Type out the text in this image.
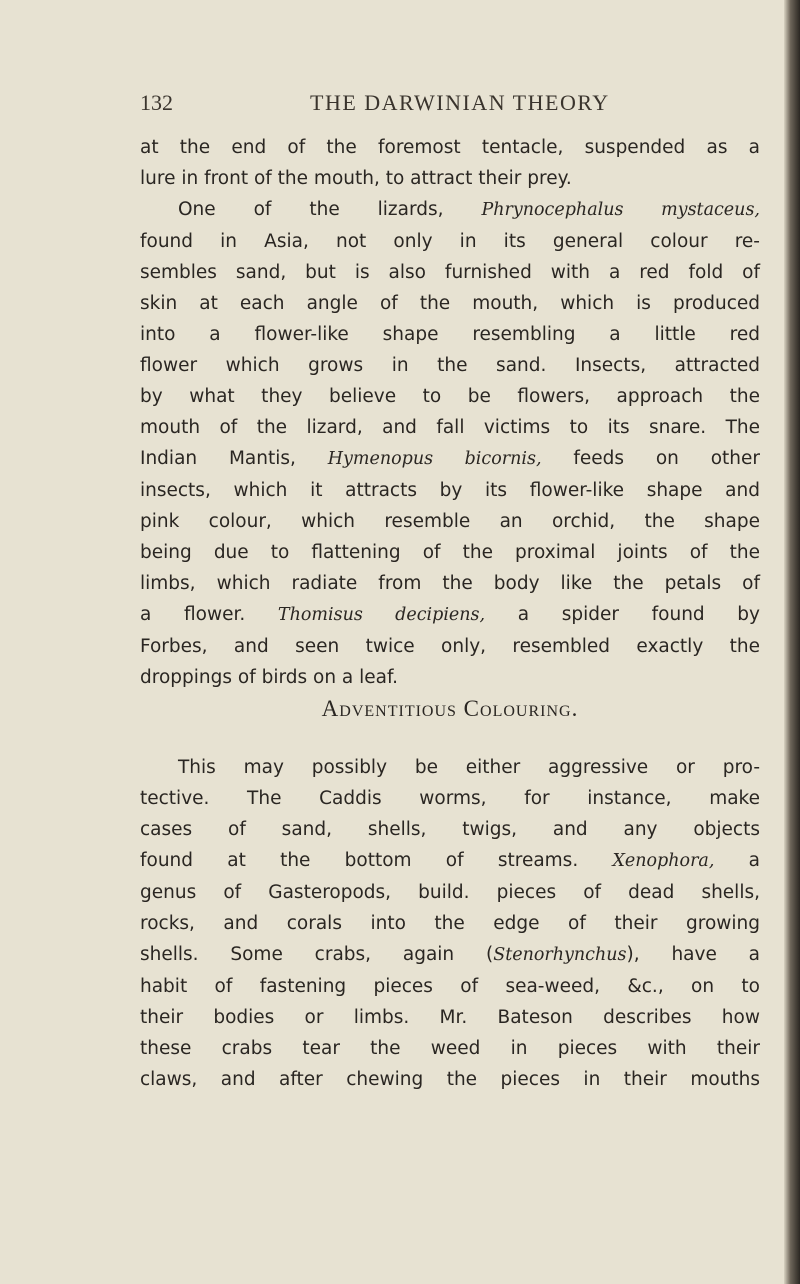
132	THE DARWINIAN THEORY
at the end of the foremost tentacle, suspended as a
lure in front of the mouth, to attract their prey.
One of the lizards, Phrynocephalus mystaceus,
found in Asia, not only in its general colour re-
sembles sand, but is also furnished with a red fold of
skin at each angle of the mouth, which is produced
into a flower-like shape resembling a little red
flower which grows in the sand. Insects, attracted
by what they believe to be flowers, approach the
mouth of the lizard, and fall victims to its snare. The
Indian Mantis, Hymenopus bicornis, feeds on other
insects, which it attracts by its flower-like shape and
pink colour, which resemble an orchid, the shape
being due to flattening of the proximal joints of the
limbs, which radiate from the body like the petals of
a flower. Thomisus decipiens, a spider found by
Forbes, and seen twice only, resembled exactly the
droppings of birds on a leaf.
Adventitious Colouring.
This may possibly be either aggressive or pro-
tective. The Caddis worms, for instance, make
cases of sand, shells, twigs, and any objects
found at the bottom of streams. Xenophora, a
genus of Gasteropods, build. pieces of dead shells,
rocks, and corals into the edge of their growing
shells. Some crabs, again (Stenorhynchus), have a
habit of fastening pieces of sea-weed, &c., on to
their bodies or limbs. Mr. Bateson describes how
these crabs tear the weed in pieces with their
claws, and after chewing the pieces in their mouths
